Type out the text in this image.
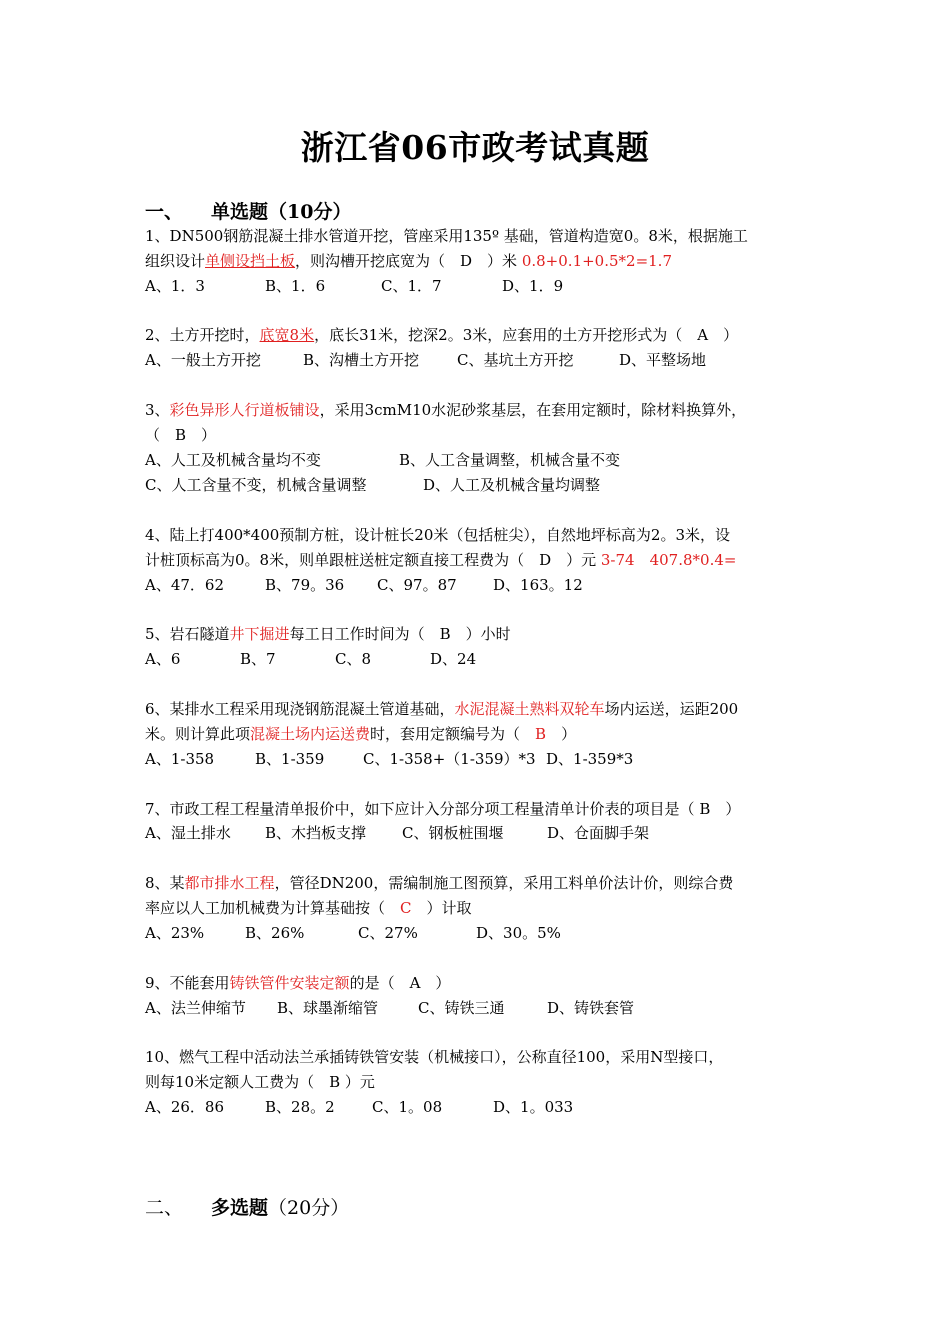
浙江省06市政考试真题
一、 单选题（10分）
1、DN500钢筋混凝土排水管道开挖，管座采用135º 基础，管道构造宽0。8米，根据施工
组织设计单侧设挡土板，则沟槽开挖底宽为（　D　）米 0.8+0.1+0.5*2=1.7
A、1．3	B、1．6	C、1．7	D、1．9
2、土方开挖时，底宽8米，底长31米，挖深2。3米，应套用的土方开挖形式为（　A　）
A、一般土方开挖	B、沟槽土方开挖	C、基坑土方开挖	D、平整场地
3、彩色异形人行道板铺设，采用3cmM10水泥砂浆基层，在套用定额时，除材料换算外，
（　B　）
A、人工及机械含量均不变	B、人工含量调整，机械含量不变
C、人工含量不变，机械含量调整	D、人工及机械含量均调整
4、陆上打400*400预制方桩，设计桩长20米（包括桩尖），自然地坪标高为2。3米，设
计桩顶标高为0。8米，则单跟桩送桩定额直接工程费为（　D　）元 3-74　407.8*0.4=
A、47．62	B、79。36 C、97。87 D、163。12
5、岩石隧道井下掘进每工日工作时间为（　B　）小时
A、6	B、7	C、8	D、24
6、某排水工程采用现浇钢筋混凝土管道基础，水泥混凝土熟料双轮车场内运送，运距200
米。则计算此项混凝土场内运送费时，套用定额编号为（　B　）
A、1-358	B、1-359	C、1-358+（1-359）*3 D、1-359*3
7、市政工程工程量清单报价中，如下应计入分部分项工程量清单计价表的项目是（ B　）
A、湿土排水 B、木挡板支撑 C、钢板桩围堰	D、仓面脚手架
8、某都市排水工程，管径DN200，需编制施工图预算，采用工料单价法计价，则综合费
率应以人工加机械费为计算基础按（　C　）计取
A、23%	B、26%	C、27%	D、30。5%
9、不能套用铸铁管件安装定额的是（　A　）
A、法兰伸缩节 B、球墨渐缩管	C、铸铁三通	D、铸铁套管
10、燃气工程中活动法兰承插铸铁管安装（机械接口），公称直径100，采用N型接口，
则每10米定额人工费为（　B ）元
A、26．86	B、28。2 C、1。08	D、1。033
二、 多选题（20分）
